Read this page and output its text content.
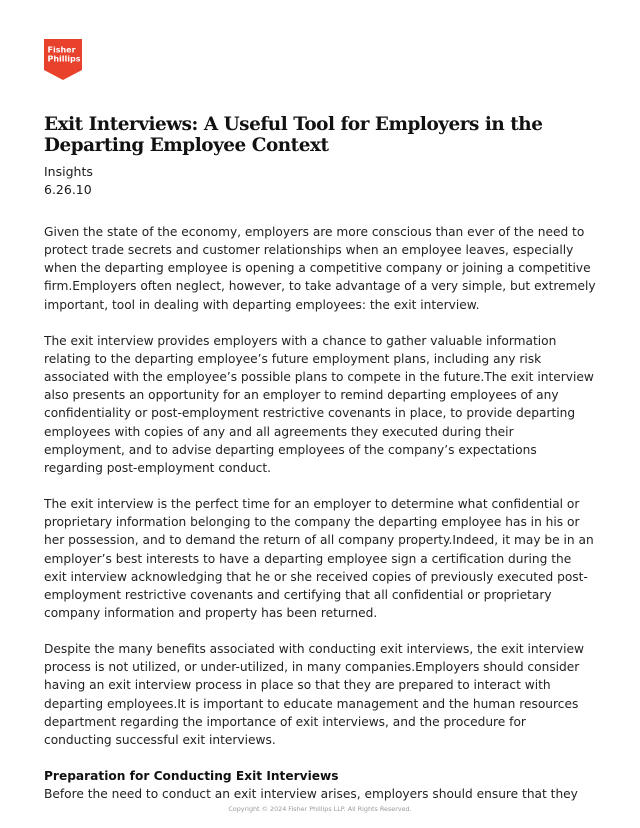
Fisher
Phillips
Exit Interviews: A Useful Tool for Employers in the Departing Employee Context
Insights
6.26.10

Given the state of the economy, employers are more conscious than ever of the need to protect trade secrets and customer relationships when an employee leaves, especially when the departing employee is opening a competitive company or joining a competitive firm.Employers often neglect, however, to take advantage of a very simple, but extremely important, tool in dealing with departing employees: the exit interview.

The exit interview provides employers with a chance to gather valuable information relating to the departing employee’s future employment plans, including any risk associated with the employee’s possible plans to compete in the future.The exit interview also presents an opportunity for an employer to remind departing employees of any confidentiality or post-employment restrictive covenants in place, to provide departing employees with copies of any and all agreements they executed during their employment, and to advise departing employees of the company’s expectations regarding post-employment conduct.

The exit interview is the perfect time for an employer to determine what confidential or proprietary information belonging to the company the departing employee has in his or her possession, and to demand the return of all company property.Indeed, it may be in an employer’s best interests to have a departing employee sign a certification during the exit interview acknowledging that he or she received copies of previously executed post-employment restrictive covenants and certifying that all confidential or proprietary company information and property has been returned.

Despite the many benefits associated with conducting exit interviews, the exit interview process is not utilized, or under-utilized, in many companies.Employers should consider having an exit interview process in place so that they are prepared to interact with departing employees.It is important to educate management and the human resources department regarding the importance of exit interviews, and the procedure for conducting successful exit interviews.

Preparation for Conducting Exit Interviews

Before the need to conduct an exit interview arises, employers should ensure that they

Copyright © 2024 Fisher Phillips LLP. All Rights Reserved.
